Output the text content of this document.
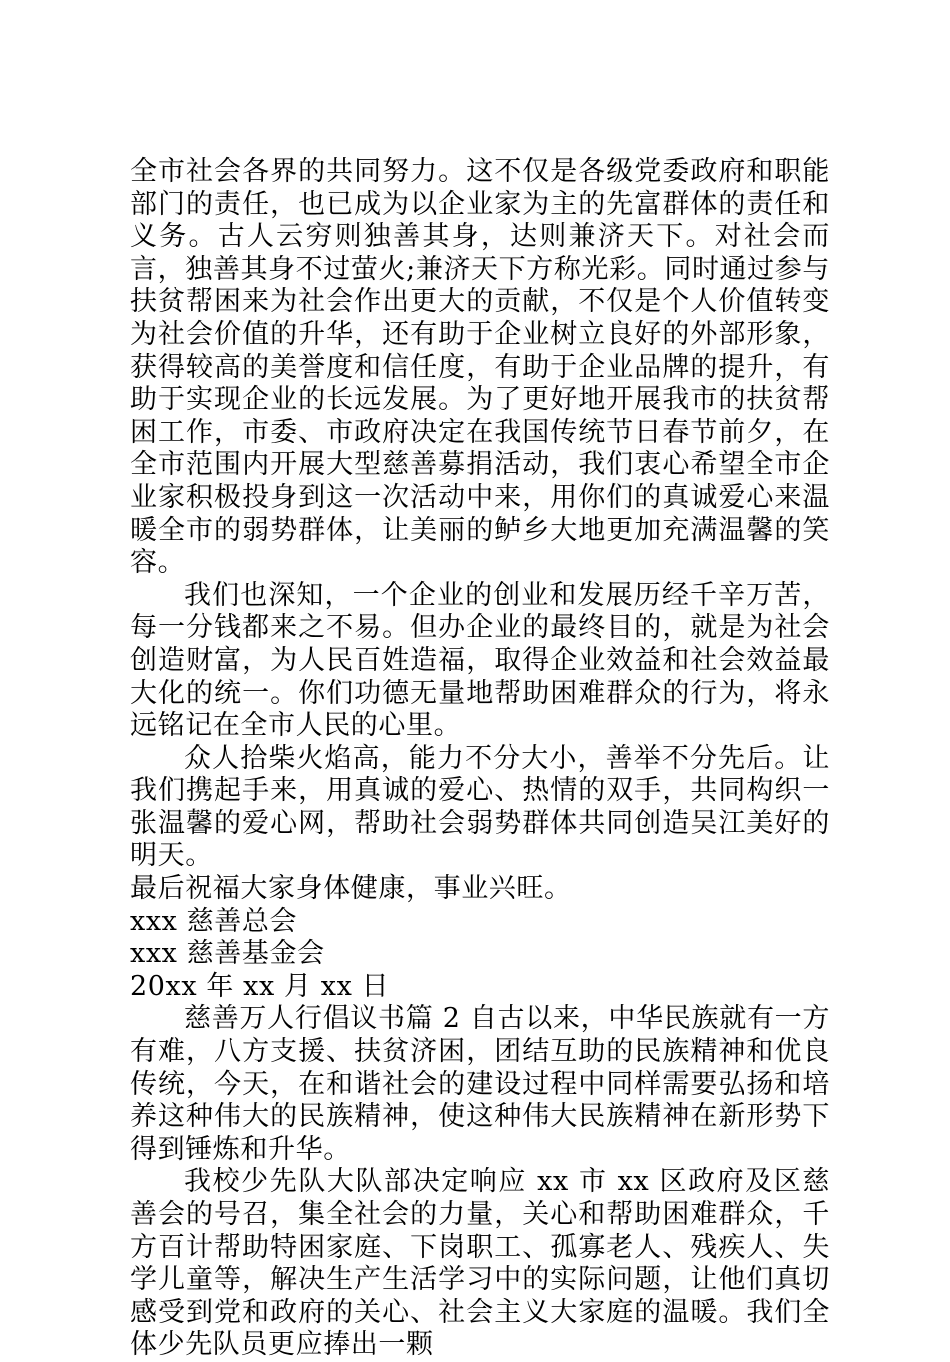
全市社会各界的共同努力。这不仅是各级党委政府和职能部门的责任，也已成为以企业家为主的先富群体的责任和义务。古人云穷则独善其身，达则兼济天下。对社会而言，独善其身不过萤火;兼济天下方称光彩。同时通过参与扶贫帮困来为社会作出更大的贡献，不仅是个人价值转变为社会价值的升华，还有助于企业树立良好的外部形象，获得较高的美誉度和信任度，有助于企业品牌的提升，有助于实现企业的长远发展。为了更好地开展我市的扶贫帮困工作，市委、市政府决定在我国传统节日春节前夕，在全市范围内开展大型慈善募捐活动，我们衷心希望全市企业家积极投身到这一次活动中来，用你们的真诚爱心来温暖全市的弱势群体，让美丽的鲈乡大地更加充满温馨的笑容。

我们也深知，一个企业的创业和发展历经千辛万苦，每一分钱都来之不易。但办企业的最终目的，就是为社会创造财富，为人民百姓造福，取得企业效益和社会效益最大化的统一。你们功德无量地帮助困难群众的行为，将永远铭记在全市人民的心里。

众人拾柴火焰高，能力不分大小，善举不分先后。让我们携起手来，用真诚的爱心、热情的双手，共同构织一张温馨的爱心网，帮助社会弱势群体共同创造吴江美好的明天。

最后祝福大家身体健康，事业兴旺。

xxx 慈善总会

xxx 慈善基金会

20xx 年 xx 月 xx 日

慈善万人行倡议书篇 2 自古以来，中华民族就有一方有难，八方支援、扶贫济困，团结互助的民族精神和优良传统，今天，在和谐社会的建设过程中同样需要弘扬和培养这种伟大的民族精神，使这种伟大民族精神在新形势下得到锤炼和升华。

我校少先队大队部决定响应 xx 市 xx 区政府及区慈善会的号召，集全社会的力量，关心和帮助困难群众，千方百计帮助特困家庭、下岗职工、孤寡老人、残疾人、失学儿童等，解决生产生活学习中的实际问题，让他们真切感受到党和政府的关心、社会主义大家庭的温暖。我们全体少先队员更应捧出一颗
